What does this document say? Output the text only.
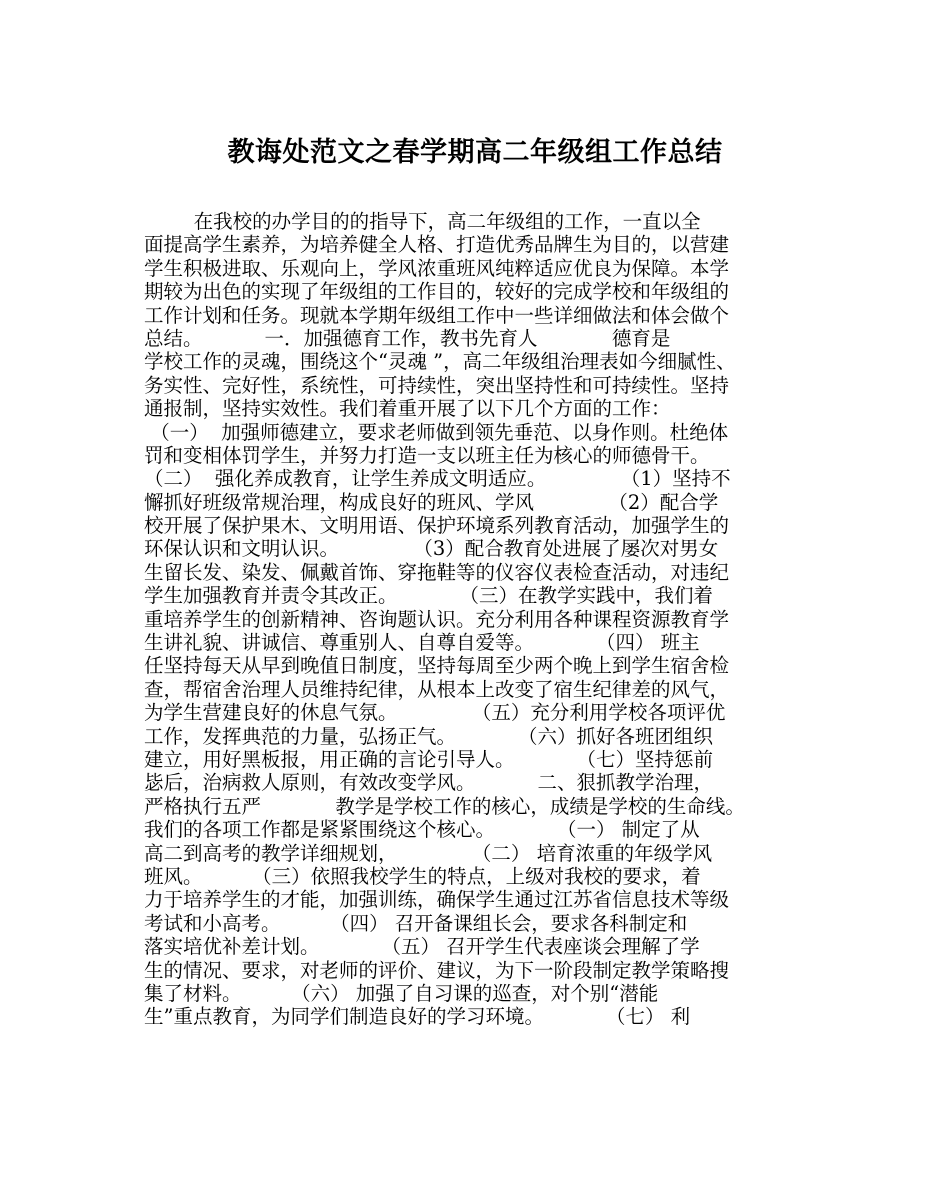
教诲处范文之春学期高二年级组工作总结
在我校的办学目的的指导下，高二年级组的工作，一直以全
面提高学生素养，为培养健全人格、打造优秀品牌生为目的，以营建
学生积极进取、乐观向上，学风浓重班风纯粹适应优良为保障。本学
期较为出色的实现了年级组的工作目的，较好的完成学校和年级组的
工作计划和任务。现就本学期年级组工作中一些详细做法和体会做个
总结。          一．加强德育工作，教书先育人            德育是
学校工作的灵魂，围绕这个“灵魂 ”，高二年级组治理表如今细腻性、
务实性、完好性，系统性，可持续性，突出坚持性和可持续性。坚持
通报制，坚持实效性。我们着重开展了以下几个方面的工作：
（一）  加强师德建立，要求老师做到领先垂范、以身作则。杜绝体
罚和变相体罚学生，并努力打造一支以班主任为核心的师德骨干。
（二）  强化养成教育，让学生养成文明适应。            （1）坚持不
懈抓好班级常规治理，构成良好的班风、学风            （2）配合学
校开展了保护果木、文明用语、保护环境系列教育活动，加强学生的
环保认识和文明认识。            （3）配合教育处进展了屡次对男女
生留长发、染发、佩戴首饰、穿拖鞋等的仪容仪表检查活动，对违纪
学生加强教育并责令其改正。          （三）在教学实践中，我们着
重培养学生的创新精神、咨询题认识。充分利用各种课程资源教育学
生讲礼貌、讲诚信、尊重别人、自尊自爱等。          （四） 班主
任坚持每天从早到晚值日制度，坚持每周至少两个晚上到学生宿舍检
查，帮宿舍治理人员维持纪律，从根本上改变了宿生纪律差的风气，
为学生营建良好的休息气氛。            （五）充分利用学校各项评优
工作，发挥典范的力量，弘扬正气。          （六）抓好各班团组织
建立，用好黑板报，用正确的言论引导人。          （七）坚持惩前
毖后，治病救人原则，有效改变学风。          二、狠抓教学治理，
严格执行五严            教学是学校工作的核心，成绩是学校的生命线。
我们的各项工作都是紧紧围绕这个核心。          （一） 制定了从
高二到高考的教学详细规划，            （二） 培育浓重的年级学风
班风。        （三）依照我校学生的特点，上级对我校的要求，着
力于培养学生的才能，加强训练，确保学生通过江苏省信息技术等级
考试和小高考。        （四） 召开备课组长会，要求各科制定和
落实培优补差计划。          （五） 召开学生代表座谈会理解了学
生的情况、要求，对老师的评价、建议，为下一阶段制定教学策略搜
集了材料。        （六） 加强了自习课的巡查，对个别“潜能
生”重点教育，为同学们制造良好的学习环境。          （七） 利
